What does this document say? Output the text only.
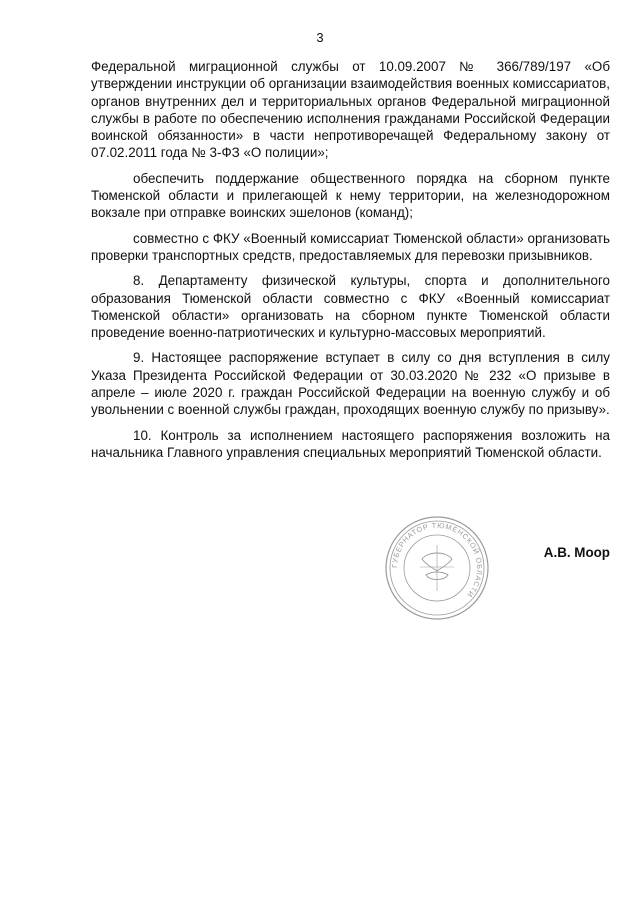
3

Федеральной миграционной службы от 10.09.2007 № 366/789/197 «Об утверждении инструкции об организации взаимодействия военных комиссариатов, органов внутренних дел и территориальных органов Федеральной миграционной службы в работе по обеспечению исполнения гражданами Российской Федерации воинской обязанности» в части непротиворечащей Федеральному закону от 07.02.2011 года № 3-ФЗ «О полиции»;

обеспечить поддержание общественного порядка на сборном пункте Тюменской области и прилегающей к нему территории, на железнодорожном вокзале при отправке воинских эшелонов (команд);

совместно с ФКУ «Военный комиссариат Тюменской области» организовать проверки транспортных средств, предоставляемых для перевозки призывников.

8. Департаменту физической культуры, спорта и дополнительного образования Тюменской области совместно с ФКУ «Военный комиссариат Тюменской области» организовать на сборном пункте Тюменской области проведение военно-патриотических и культурно-массовых мероприятий.

9. Настоящее распоряжение вступает в силу со дня вступления в силу Указа Президента Российской Федерации от 30.03.2020 № 232 «О призыве в апреле – июле 2020 г. граждан Российской Федерации на военную службу и об увольнении с военной службы граждан, проходящих военную службу по призыву».

10. Контроль за исполнением настоящего распоряжения возложить на начальника Главного управления специальных мероприятий Тюменской области.

ГУБЕРНАТОР ТЮМЕНСКОЙ ОБЛАСТИ
А.В. Моор
